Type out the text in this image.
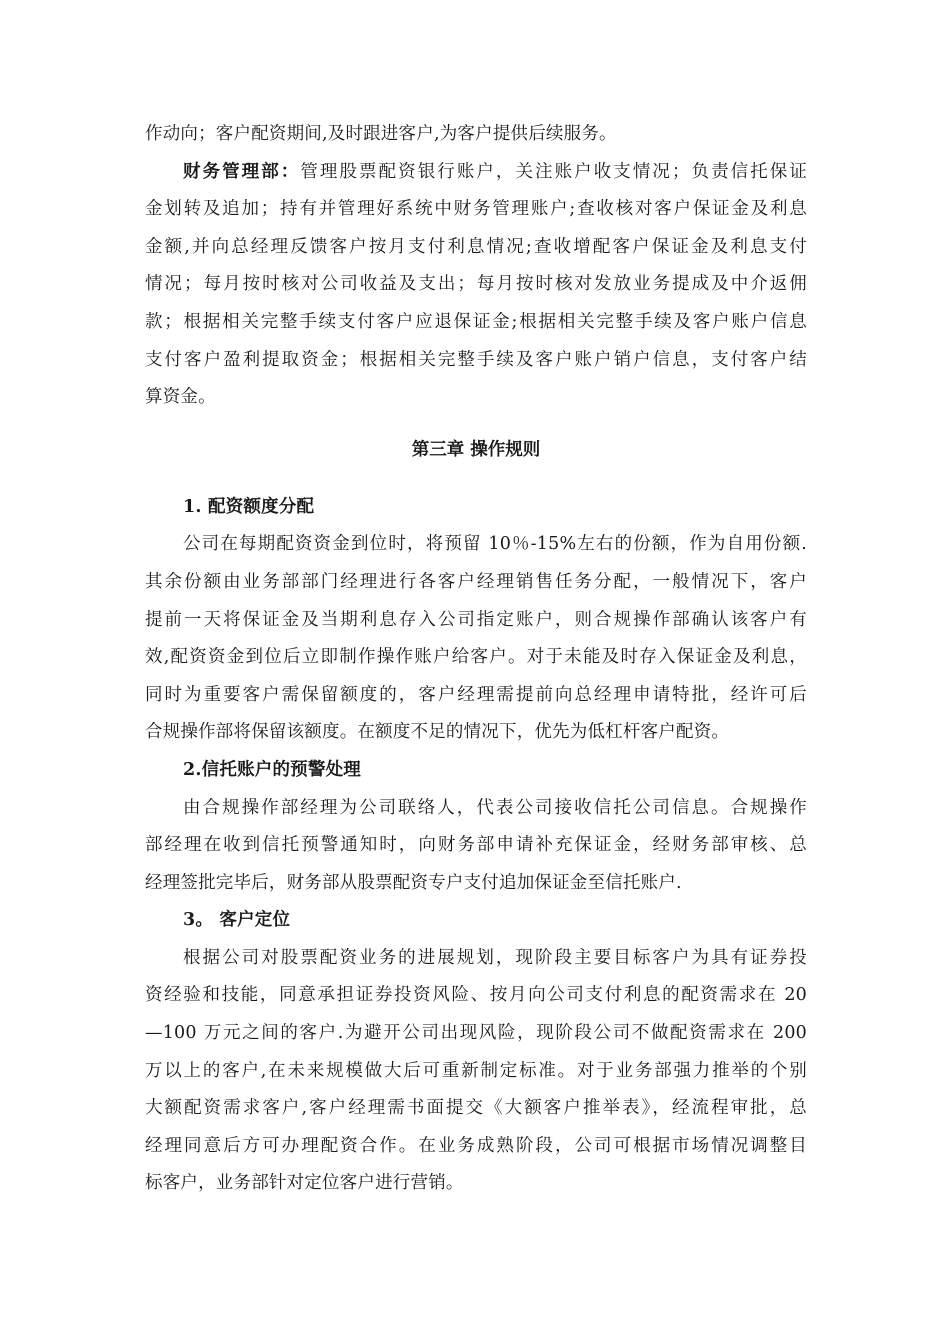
作动向；客户配资期间,及时跟进客户,为客户提供后续服务。
财务管理部：管理股票配资银行账户，关注账户收支情况；负责信托保证
金划转及追加；持有并管理好系统中财务管理账户;查收核对客户保证金及利息
金额,并向总经理反馈客户按月支付利息情况;查收增配客户保证金及利息支付
情况；每月按时核对公司收益及支出；每月按时核对发放业务提成及中介返佣
款；根据相关完整手续支付客户应退保证金;根据相关完整手续及客户账户信息
支付客户盈利提取资金；根据相关完整手续及客户账户销户信息，支付客户结
算资金。
第三章 操作规则
1. 配资额度分配
公司在每期配资资金到位时，将预留 10％-15%左右的份额，作为自用份额.
其余份额由业务部部门经理进行各客户经理销售任务分配，一般情况下，客户
提前一天将保证金及当期利息存入公司指定账户，则合规操作部确认该客户有
效,配资资金到位后立即制作操作账户给客户。对于未能及时存入保证金及利息，
同时为重要客户需保留额度的，客户经理需提前向总经理申请特批，经许可后
合规操作部将保留该额度。在额度不足的情况下，优先为低杠杆客户配资。
2.信托账户的预警处理
由合规操作部经理为公司联络人，代表公司接收信托公司信息。合规操作
部经理在收到信托预警通知时，向财务部申请补充保证金，经财务部审核、总
经理签批完毕后，财务部从股票配资专户支付追加保证金至信托账户.
3。 客户定位
根据公司对股票配资业务的进展规划，现阶段主要目标客户为具有证券投
资经验和技能，同意承担证券投资风险、按月向公司支付利息的配资需求在 20
—100 万元之间的客户.为避开公司出现风险，现阶段公司不做配资需求在 200
万以上的客户,在未来规模做大后可重新制定标准。对于业务部强力推举的个别
大额配资需求客户,客户经理需书面提交《大额客户推举表》，经流程审批，总
经理同意后方可办理配资合作。在业务成熟阶段，公司可根据市场情况调整目
标客户，业务部针对定位客户进行营销。
